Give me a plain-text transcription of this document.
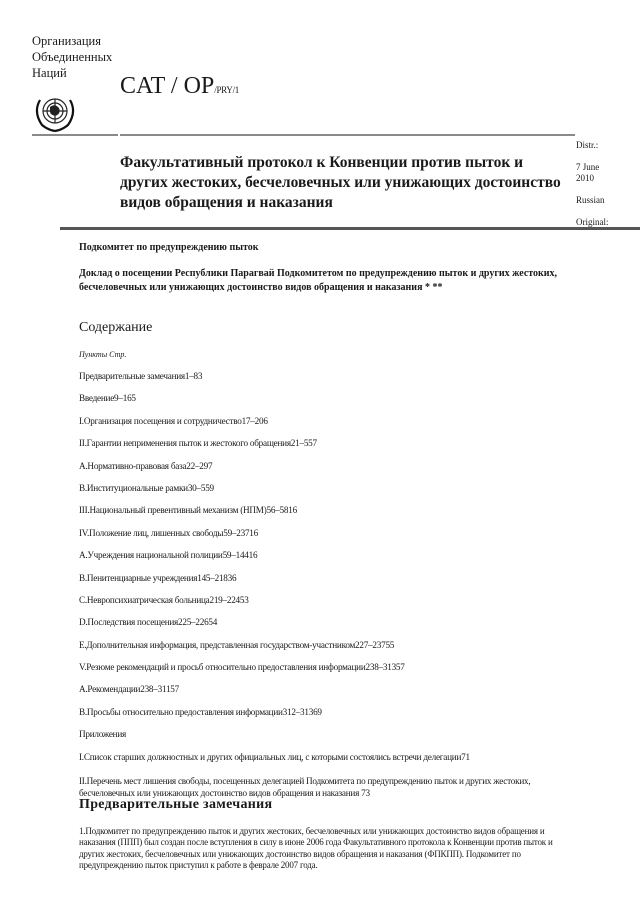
Организация
Объединенных
Наций	CAT / OP/PRY/1
Факультативный протокол к Конвенции против пыток и других жестоких, бесчеловечных или унижающих достоинство видов обращения и наказания
Distr.:
7 June
2010
Russian
Original:
Подкомитет по предупреждению пыток
Доклад о посещении Республики Парагвай Подкомитетом по предупреждению пыток и других жестоких, бесчеловечных или унижающих достоинство видов обращения и наказания * **
Содержание
Пункты Стр.
Предварительные замечания1–83
Введение9–165
I.Организация посещения и сотрудничество17–206
II.Гарантии неприменения пыток и жестокого обращения21–557
A.Нормативно-правовая база22–297
B.Институциональные рамки30–559
III.Национальный превентивный механизм (НПМ)56–5816
IV.Положение лиц, лишенных свободы59–23716
A.Учреждения национальной полиции59–14416
B.Пенитенциарные учреждения145–21836
C.Невропсихиатрическая больница219–22453
D.Последствия посещения225–22654
E.Дополнительная информация, представленная государством-участником227–23755
V.Резюме рекомендаций и просьб относительно предоставления информации238–31357
A.Рекомендации238–31157
B.Просьбы относительно предоставления информации312–31369
Приложения
I.Список старших должностных и других официальных лиц, с которыми состоялись встречи делегации71
II.Перечень мест лишения свободы, посещенных делегацией Подкомитета по предупреждению пыток и других жестоких, бесчеловечных или унижающих достоинство видов обращения и наказания 73
Предварительные замечания
1.Подкомитет по предупреждению пыток и других жестоких, бесчеловечных или унижающих достоинство видов обращения и наказания (ППП) был создан после вступления в силу в июне 2006 года Факультативного протокола к Конвенции против пыток и других жестоких, бесчеловечных или унижающих достоинство видов обращения и наказания (ФПКПП). Подкомитет по предупреждению пыток приступил к работе в феврале 2007 года.
